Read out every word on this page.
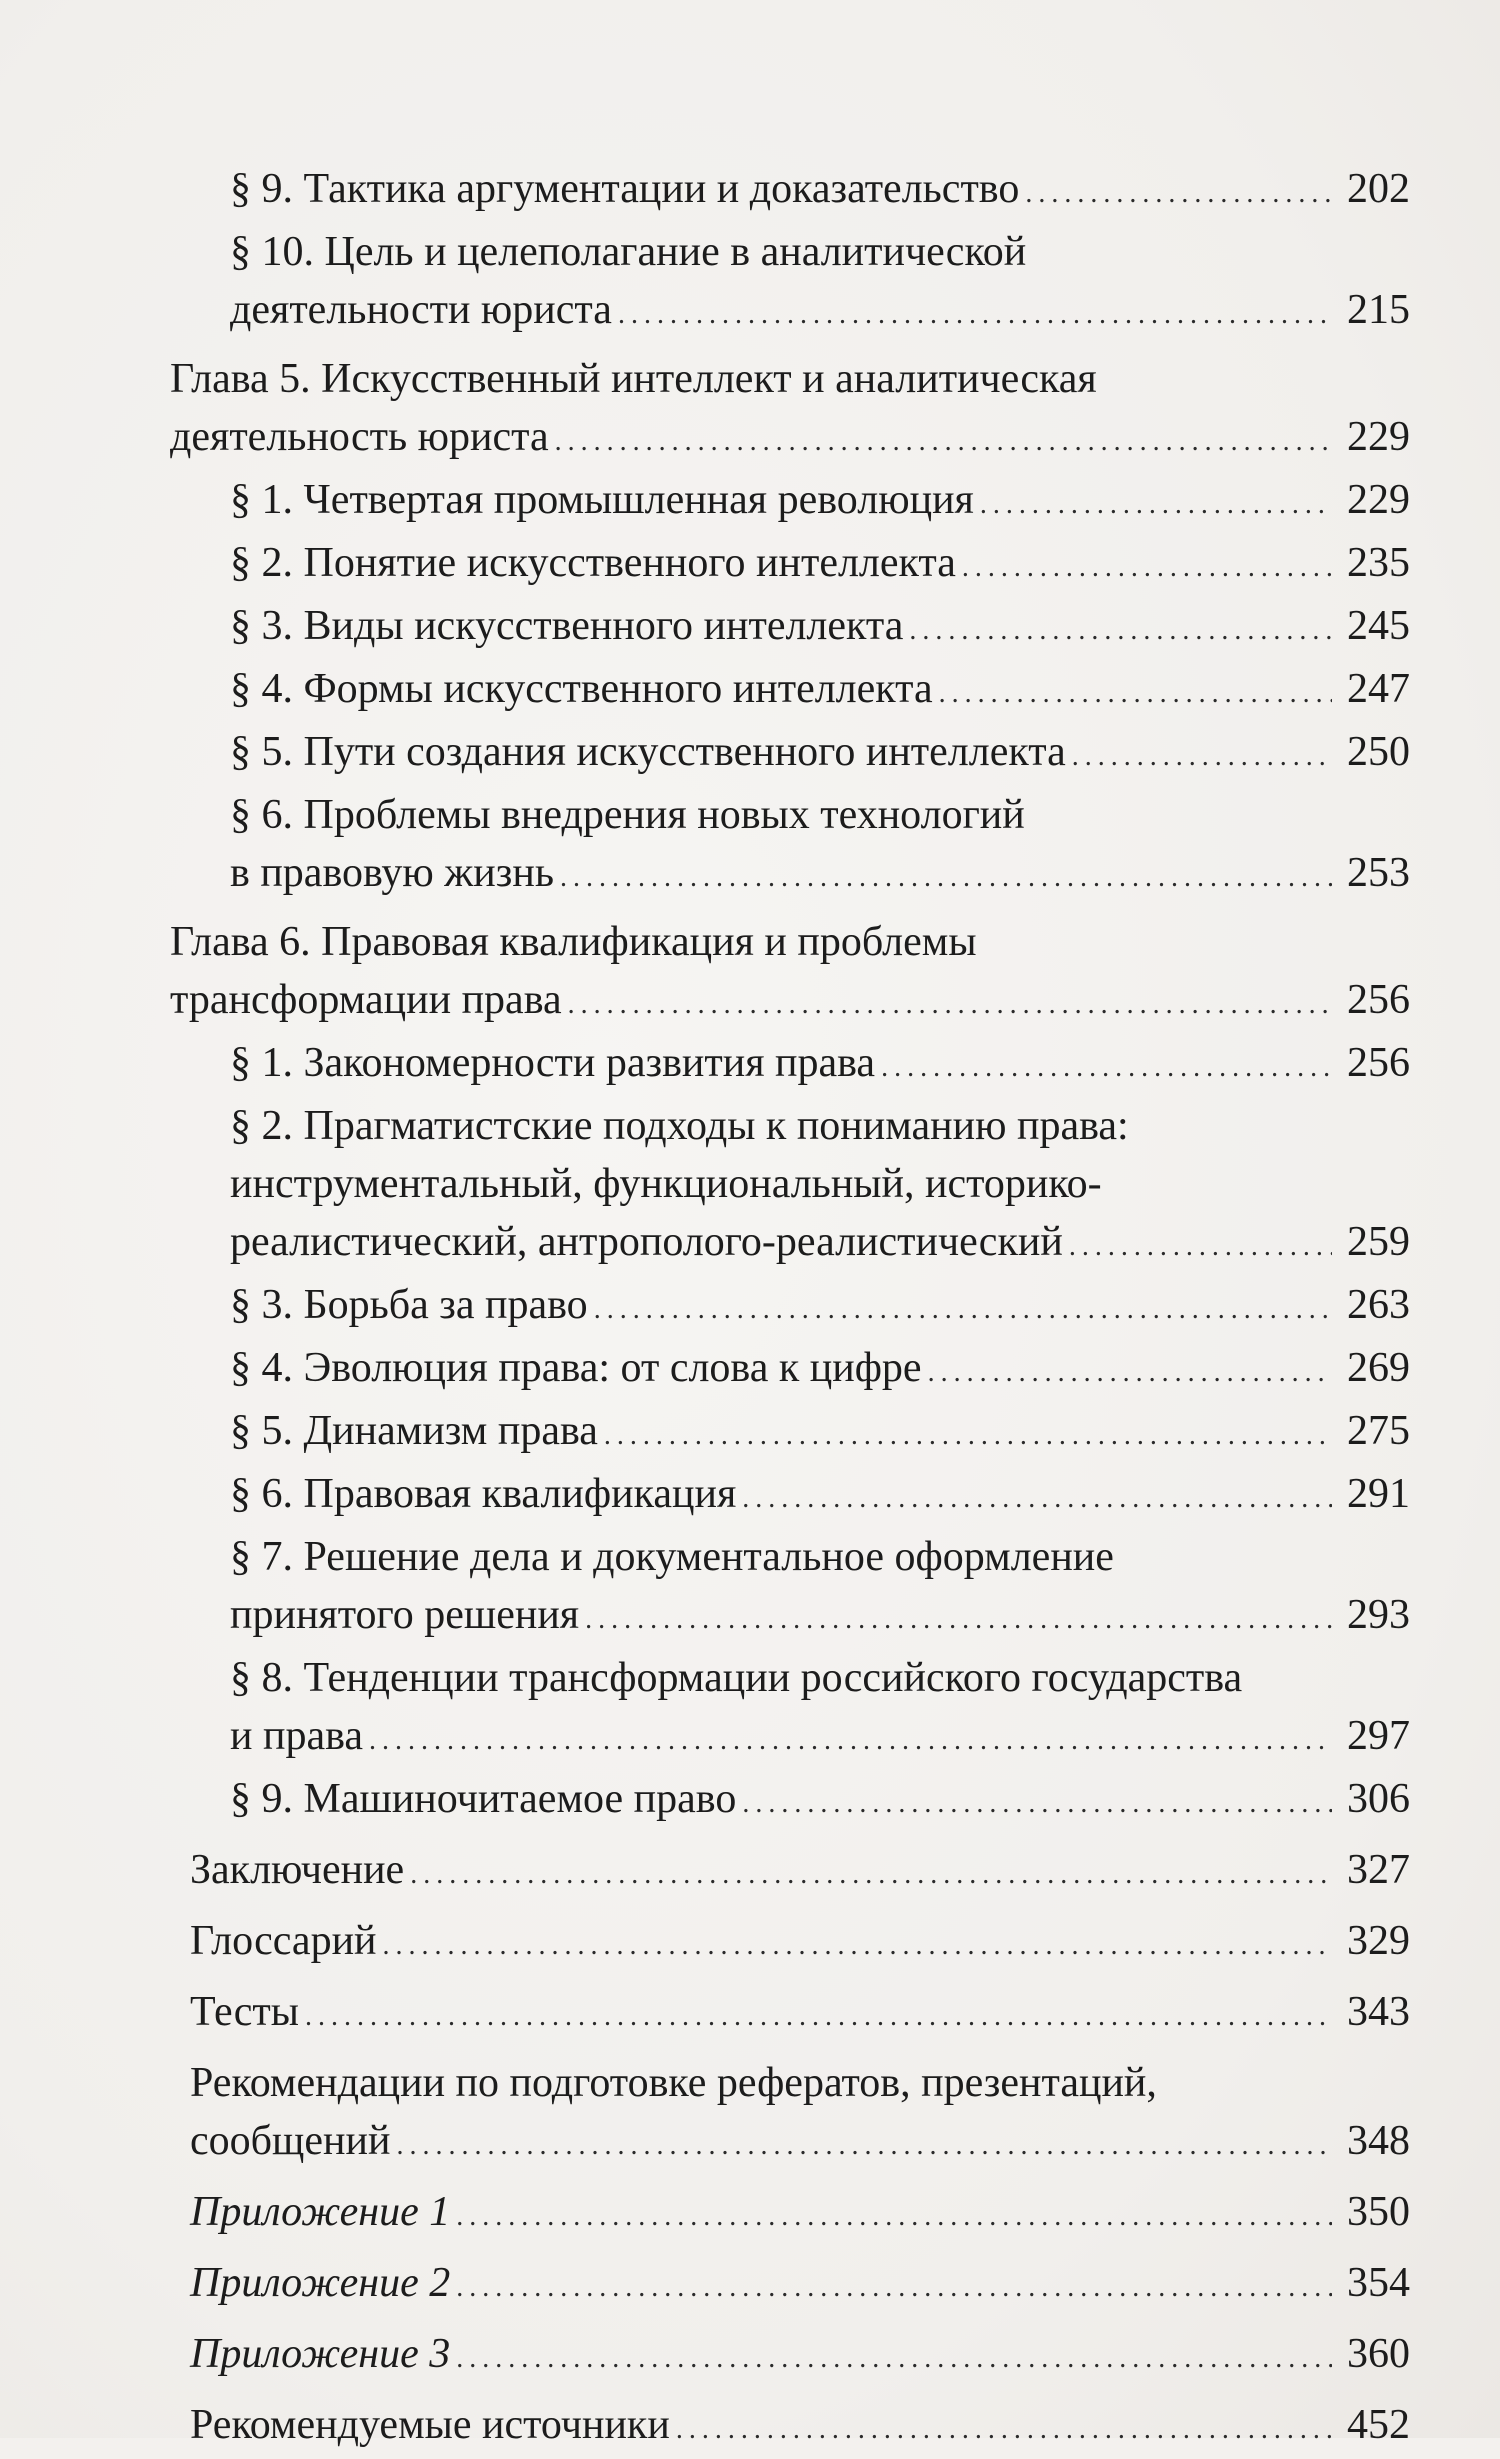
§ 9. Тактика аргументации и доказательство .....	202
§ 10. Цель и целеполагание в аналитической
деятельности юриста .....	215
Глава 5. Искусственный интеллект и аналитическая
деятельность юриста .....	229
§ 1. Четвертая промышленная революция .....	229
§ 2. Понятие искусственного интеллекта .....	235
§ 3. Виды искусственного интеллекта .....	245
§ 4. Формы искусственного интеллекта .....	247
§ 5. Пути создания искусственного интеллекта .....	250
§ 6. Проблемы внедрения новых технологий
в правовую жизнь .....	253
Глава 6. Правовая квалификация и проблемы
трансформации права .....	256
§ 1. Закономерности развития права .....	256
§ 2. Прагматистские подходы к пониманию права:
инструментальный, функциональный, историко-
реалистический, антрополого-реалистический .....	259
§ 3. Борьба за право .....	263
§ 4. Эволюция права: от слова к цифре .....	269
§ 5. Динамизм права .....	275
§ 6. Правовая квалификация .....	291
§ 7. Решение дела и документальное оформление
принятого решения .....	293
§ 8. Тенденции трансформации российского государства
и права .....	297
§ 9. Машиночитаемое право .....	306
Заключение .....	327
Глоссарий .....	329
Тесты .....	343
Рекомендации по подготовке рефератов, презентаций,
сообщений .....	348
Приложение 1 .....	350
Приложение 2 .....	354
Приложение 3 .....	360
Рекомендуемые источники .....	452
